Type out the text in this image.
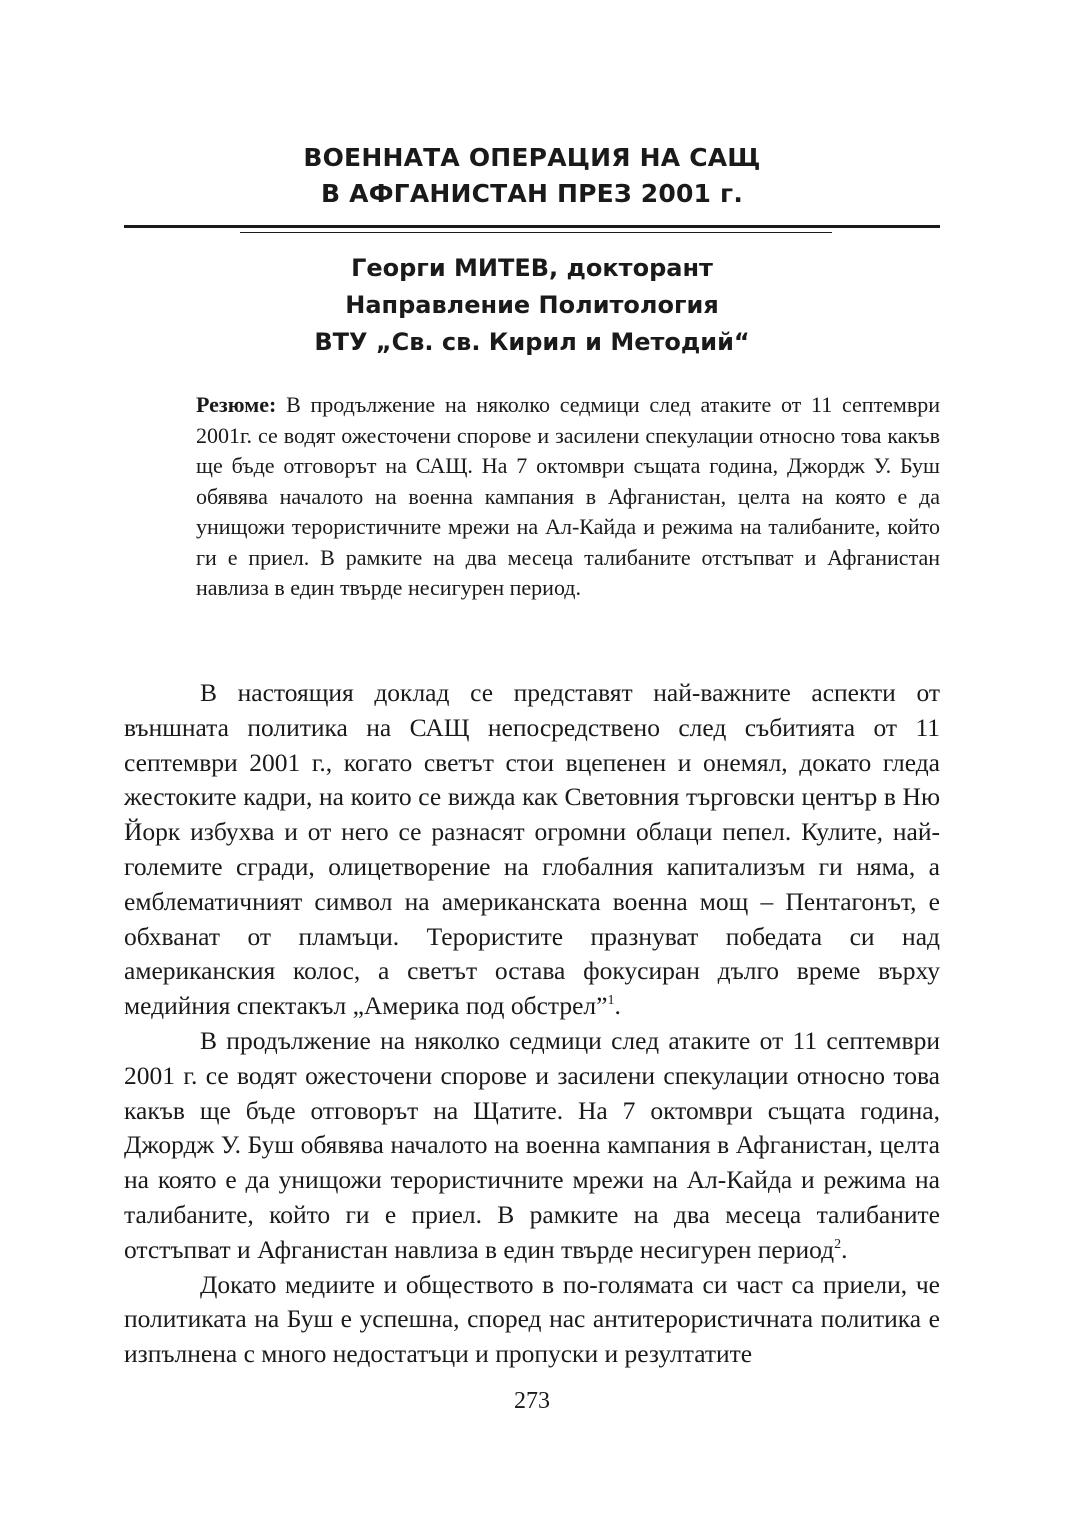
ВОЕННАТА ОПЕРАЦИЯ НА САЩ
В АФГАНИСТАН ПРЕЗ 2001 г.
Георги МИТЕВ, докторант
Направление Политология
ВТУ „Св. св. Кирил и Методий“
Резюме: В продължение на няколко седмици след атаките от 11 септември 2001г. се водят ожесточени спорове и засилени спекулации относно това какъв ще бъде отговорът на САЩ. На 7 октомври същата година, Джордж У. Буш обявява началото на военна кампания в Афганистан, целта на която е да унищожи терористичните мрежи на Ал-Кайда и режима на талибаните, който ги е приел. В рамките на два месеца талибаните отстъпват и Афганистан навлиза в един твърде несигурен период.

В настоящия доклад се представят най-важните аспекти от външната политика на САЩ непосредствено след събитията от 11 септември 2001 г., когато светът стои вцепенен и онемял, докато гледа жестоките кадри, на които се вижда как Световния търговски център в Ню Йорк избухва и от него се разнасят огромни облаци пепел. Кулите, най-големите сгради, олицетворение на глобалния капитализъм ги няма, а емблематичният символ на американската военна мощ – Пентагонът, е обхванат от пламъци. Терористите празнуват победата си над американския колос, а светът остава фокусиран дълго време върху медийния спектакъл „Америка под обстрел”$^1$.

В продължение на няколко седмици след атаките от 11 септември 2001 г. се водят ожесточени спорове и засилени спекулации относно това какъв ще бъде отговорът на Щатите. На 7 октомври същата година, Джордж У. Буш обявява началото на военна кампания в Афганистан, целта на която е да унищожи терористичните мрежи на Ал-Кайда и режима на талибаните, който ги е приел. В рамките на два месеца талибаните отстъпват и Афганистан навлиза в един твърде несигурен период$^2$.

Докато медиите и обществото в по-голямата си част са приели, че политиката на Буш е успешна, според нас антитерористичната политика е изпълнена с много недостатъци и пропуски и резултатите

273
